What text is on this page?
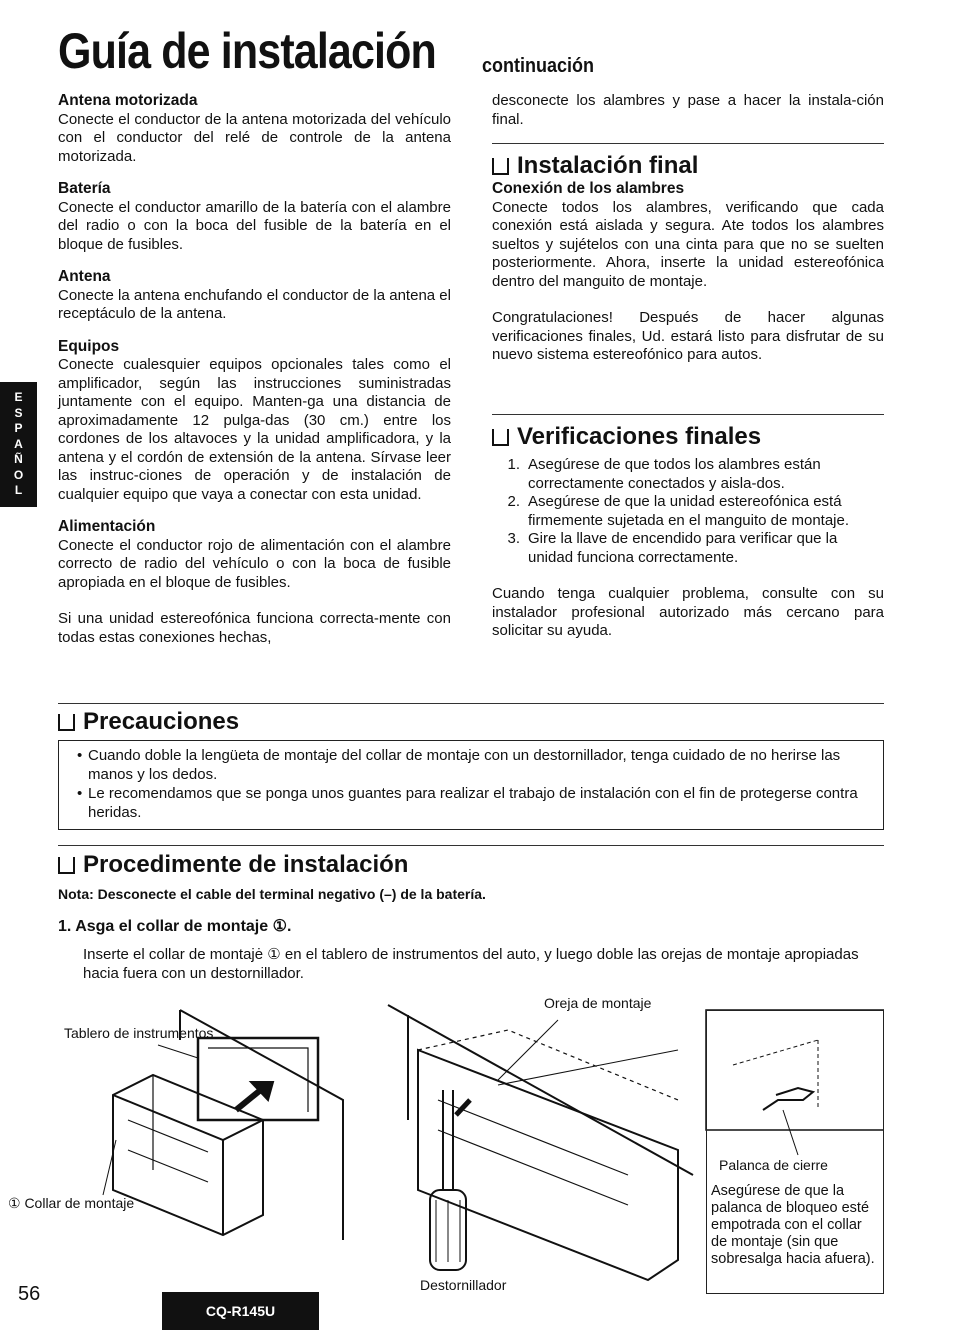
Guía de instalación continuación
E
S
P
A
Ñ
O
L

Antena motorizada

Conecte el conductor de la antena motorizada del vehículo con el conductor del relé de controle de la antena motorizada.

Batería

Conecte el conductor amarillo de la batería con el alambre del radio o con la boca del fusible de la batería en el bloque de fusibles.

Antena

Conecte la antena enchufando el conductor de la antena el receptáculo de la antena.

Equipos

Conecte cualesquier equipos opcionales tales como el amplificador, según las instrucciones suministradas juntamente con el equipo. Manten-ga una distancia de aproximadamente 12 pulga-das (30 cm.) entre los cordones de los altavoces y la unidad amplificadora, y la antena y el cordón de extensión de la antena. Sírvase leer las instruc-ciones de operación y de instalación de cualquier equipo que vaya a conectar con esta unidad.

Alimentación

Conecte el conductor rojo de alimentación con el alambre correcto de radio del vehículo o con la boca de fusible apropiada en el bloque de fusibles.

Si una unidad estereofónica funciona correcta-mente con todas estas conexiones hechas,

desconecte los alambres y pase a hacer la instala-ción final.

Instalación final

Conexión de los alambres

Conecte todos los alambres, verificando que cada conexión está aislada y segura. Ate todos los alambres sueltos y sujételos con una cinta para que no se suelten posteriormente. Ahora, inserte la unidad estereofónica dentro del manguito de montaje.

Congratulaciones! Después de hacer algunas verificaciones finales, Ud. estará listo para disfrutar de su nuevo sistema estereofónico para autos.

Verificaciones finales
1. Asegúrese de que todos los alambres están correctamente conectados y aisla-dos.
2. Asegúrese de que la unidad estereofónica está firmemente sujetada en el manguito de montaje.
3. Gire la llave de encendido para verificar que la unidad funciona correctamente.

Cuando tenga cualquier problema, consulte con su instalador profesional autorizado más cercano para solicitar su ayuda.

Precauciones
• Cuando doble la lengüeta de montaje del collar de montaje con un destornillador, tenga cuidado de no herirse las manos y los dedos.
• Le recomendamos que se ponga unos guantes para realizar el trabajo de instalación con el fin de protegerse contra heridas.
Procedimente de instalación
Nota: Desconecte el cable del terminal negativo (–) de la batería.
1. Asga el collar de montaje ①.
Inserte el collar de montajė ① en el tablero de instrumentos del auto, y luego doble las orejas de montaje apropiadas hacia fuera con un destornillador.
Tablero de instrumentos
① Collar de montaje
Oreja de montaje
Destornillador
Palanca de cierre
Asegúrese de que la palanca de bloqueo esté empotrada con el collar de montaje (sin que sobresalga hacia afuera).
56
CQ-R145U
